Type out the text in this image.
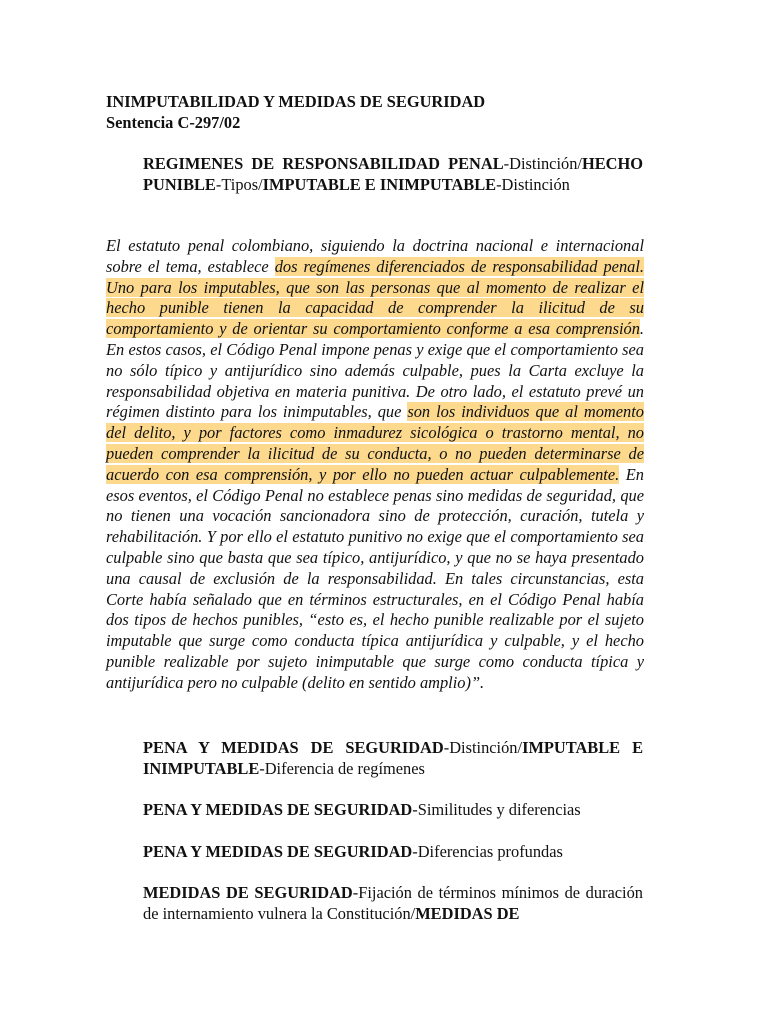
INIMPUTABILIDAD Y MEDIDAS DE SEGURIDAD
Sentencia C-297/02
REGIMENES DE RESPONSABILIDAD PENAL-Distinción/HECHO PUNIBLE-Tipos/IMPUTABLE E INIMPUTABLE-Distinción
El estatuto penal colombiano, siguiendo la doctrina nacional e internacional sobre el tema, establece dos regímenes diferenciados de responsabilidad penal. Uno para los imputables, que son las personas que al momento de realizar el hecho punible tienen la capacidad de comprender la ilicitud de su comportamiento y de orientar su comportamiento conforme a esa comprensión. En estos casos, el Código Penal impone penas y exige que el comportamiento sea no sólo típico y antijurídico sino además culpable, pues la Carta excluye la responsabilidad objetiva en materia punitiva. De otro lado, el estatuto prevé un régimen distinto para los inimputables, que son los individuos que al momento del delito, y por factores como inmadurez sicológica o trastorno mental, no pueden comprender la ilicitud de su conducta, o no pueden determinarse de acuerdo con esa comprensión, y por ello no pueden actuar culpablemente. En esos eventos, el Código Penal no establece penas sino medidas de seguridad, que no tienen una vocación sancionadora sino de protección, curación, tutela y rehabilitación. Y por ello el estatuto punitivo no exige que el comportamiento sea culpable sino que basta que sea típico, antijurídico, y que no se haya presentado una causal de exclusión de la responsabilidad. En tales circunstancias, esta Corte había señalado que en términos estructurales, en el Código Penal había dos tipos de hechos punibles, “esto es, el hecho punible realizable por el sujeto imputable que surge como conducta típica antijurídica y culpable, y el hecho punible realizable por sujeto inimputable que surge como conducta típica y antijurídica pero no culpable (delito en sentido amplio)”.
PENA Y MEDIDAS DE SEGURIDAD-Distinción/IMPUTABLE E INIMPUTABLE-Diferencia de regímenes
PENA Y MEDIDAS DE SEGURIDAD-Similitudes y diferencias
PENA Y MEDIDAS DE SEGURIDAD-Diferencias profundas
MEDIDAS DE SEGURIDAD-Fijación de términos mínimos de duración de internamiento vulnera la Constitución/MEDIDAS DE
